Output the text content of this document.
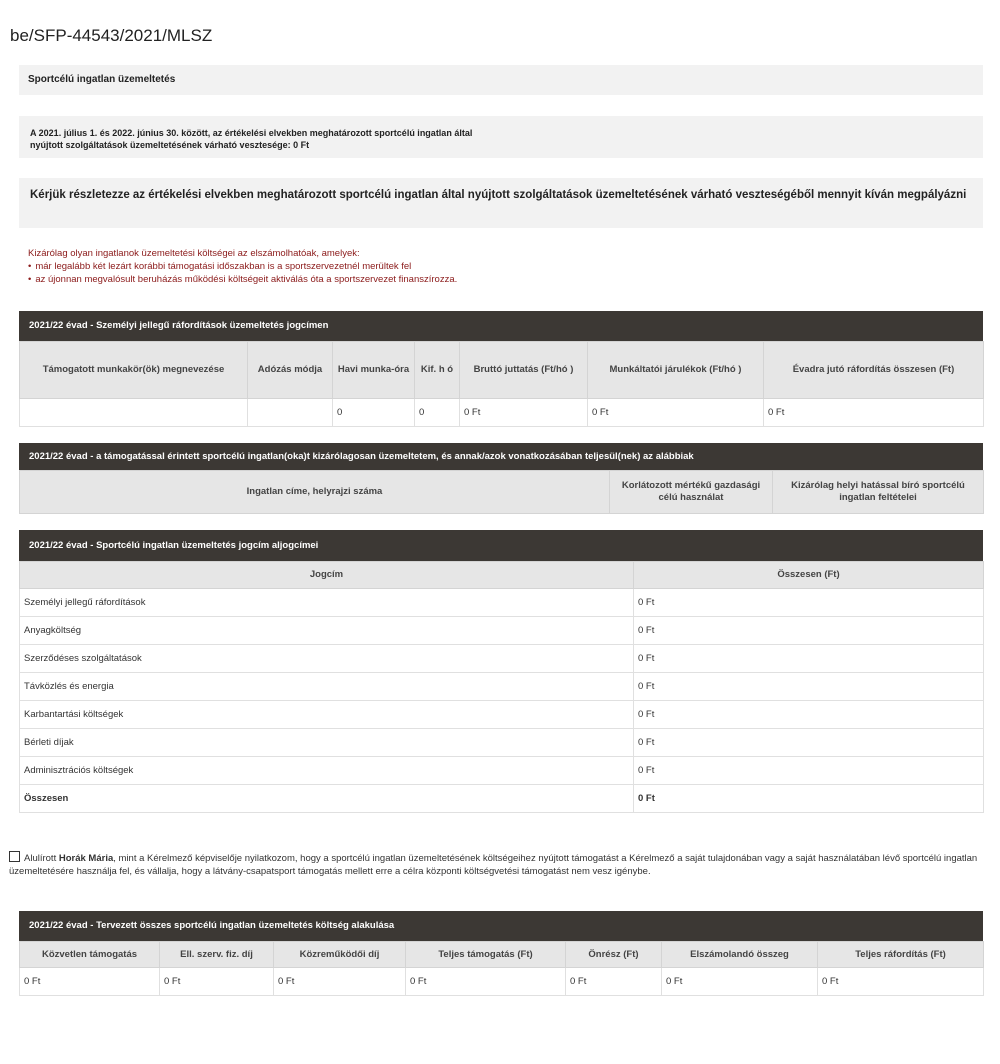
be/SFP-44543/2021/MLSZ
Sportcélú ingatlan üzemeltetés
A 2021. július 1. és 2022. június 30. között, az értékelési elvekben meghatározott sportcélú ingatlan által
nyújtott szolgáltatások üzemeltetésének várható vesztesége: 0 Ft
Kérjük részletezze az értékelési elvekben meghatározott sportcélú ingatlan által nyújtott szolgáltatások üzemeltetésének várható veszteségéből mennyit kíván megpályázni
Kizárólag olyan ingatlanok üzemeltetési költségei az elszámolhatóak, amelyek:
• már legalább két lezárt korábbi támogatási időszakban is a sportszervezetnél merültek fel
• az újonnan megvalósult beruházás működési költségeit aktiválás óta a sportszervezet finanszírozza.
2021/22 évad - Személyi jellegű ráfordítások üzemeltetés jogcímen
Támogatott munkakör(ök) megnevezése	Adózás módja	Havi munka-óra	Kif. h ó	Bruttó juttatás (Ft/hó )	Munkáltatói járulékok (Ft/hó )	Évadra jutó ráfordítás összesen (Ft)
		0	0	0 Ft	0 Ft	0 Ft
2021/22 évad - a támogatással érintett sportcélú ingatlan(oka)t kizárólagosan üzemeltetem, és annak/azok vonatkozásában teljesül(nek) az alábbiak
Ingatlan címe, helyrajzi száma	Korlátozott mértékű gazdasági célú használat	Kizárólag helyi hatással bíró sportcélú ingatlan feltételei
2021/22 évad - Sportcélú ingatlan üzemeltetés jogcím aljogcímei
Jogcím	Összesen (Ft)
Személyi jellegű ráfordítások	0 Ft
Anyagköltség	0 Ft
Szerződéses szolgáltatások	0 Ft
Távközlés és energia	0 Ft
Karbantartási költségek	0 Ft
Bérleti díjak	0 Ft
Adminisztrációs költségek	0 Ft
Összesen	0 Ft
Alulírott Horák Mária, mint a Kérelmező képviselője nyilatkozom, hogy a sportcélú ingatlan üzemeltetésének költségeihez nyújtott támogatást a Kérelmező a saját tulajdonában vagy a saját használatában lévő sportcélú ingatlan üzemeltetésére használja fel, és vállalja, hogy a látvány-csapatsport támogatás mellett erre a célra központi költségvetési támogatást nem vesz igénybe.
2021/22 évad - Tervezett összes sportcélú ingatlan üzemeltetés költség alakulása
Közvetlen támogatás	Ell. szerv. fiz. díj	Közreműködői díj	Teljes támogatás (Ft)	Önrész (Ft)	Elszámolandó összeg	Teljes ráfordítás (Ft)
0 Ft	0 Ft	0 Ft	0 Ft	0 Ft	0 Ft	0 Ft
